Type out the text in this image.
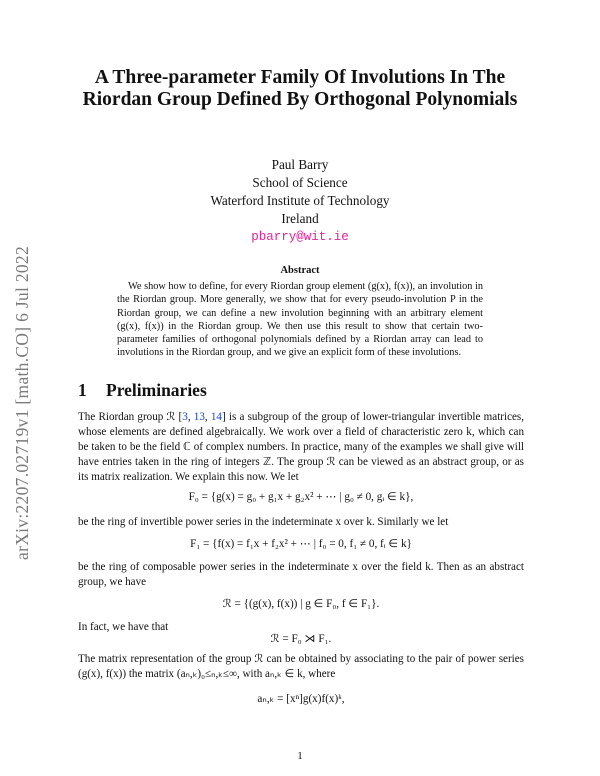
arXiv:2207.02719v1 [math.CO] 6 Jul 2022
A Three-parameter Family Of Involutions In The Riordan Group Defined By Orthogonal Polynomials
Paul Barry
School of Science
Waterford Institute of Technology
Ireland
pbarry@wit.ie
Abstract
We show how to define, for every Riordan group element (g(x), f(x)), an involution in the Riordan group. More generally, we show that for every pseudo-involution P in the Riordan group, we can define a new involution beginning with an arbitrary element (g(x), f(x)) in the Riordan group. We then use this result to show that certain two-parameter families of orthogonal polynomials defined by a Riordan array can lead to involutions in the Riordan group, and we give an explicit form of these involutions.
1 Preliminaries
The Riordan group ℛ [3, 13, 14] is a subgroup of the group of lower-triangular invertible matrices, whose elements are defined algebraically. We work over a field of characteristic zero k, which can be taken to be the field ℂ of complex numbers. In practice, many of the examples we shall give will have entries taken in the ring of integers ℤ. The group ℛ can be viewed as an abstract group, or as its matrix realization. We explain this now. We let
F₀ = {g(x) = g₀ + g₁x + g₂x² + ⋯ | g₀ ≠ 0, gᵢ ∈ k},
be the ring of invertible power series in the indeterminate x over k. Similarly we let
F₁ = {f(x) = f₁x + f₂x² + ⋯ | f₀ = 0, f₁ ≠ 0, fᵢ ∈ k}
be the ring of composable power series in the indeterminate x over the field k. Then as an abstract group, we have
ℛ = {(g(x), f(x)) | g ∈ F₀, f ∈ F₁}.
In fact, we have that
ℛ = F₀ ⋊ F₁.
The matrix representation of the group ℛ can be obtained by associating to the pair of power series (g(x), f(x)) the matrix (aₙ,ₖ)₀≤ₙ,ₖ≤∞, with aₙ,ₖ ∈ k, where
aₙ,ₖ = [xⁿ]g(x)f(x)ᵏ,
1
